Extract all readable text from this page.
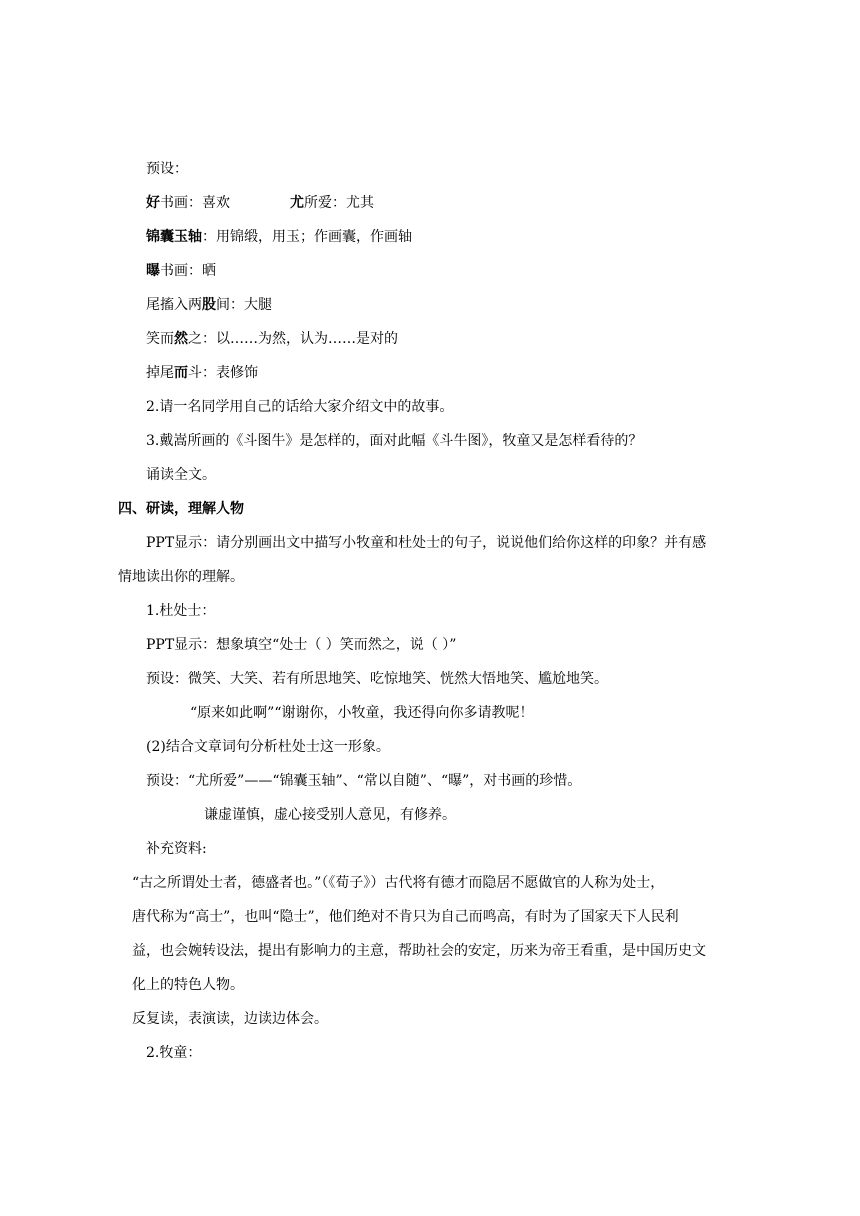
预设：
好书画：喜欢	尤所爱：尤其
锦囊玉轴：用锦缎，用玉；作画囊，作画轴
曝书画：晒
尾搐入两股间：大腿
笑而然之：以……为然，认为……是对的
掉尾而斗：表修饰
2.请一名同学用自己的话给大家介绍文中的故事。
3.戴嵩所画的《斗图牛》是怎样的，面对此幅《斗牛图》，牧童又是怎样看待的？
诵读全文。
四、研读，理解人物
PPT显示：请分别画出文中描写小牧童和杜处士的句子，说说他们给你这样的印象？并有感
情地读出你的理解。
1.杜处士：
PPT显示：想象填空“处士（ ）笑而然之，说（ ）”
预设：微笑、大笑、若有所思地笑、吃惊地笑、恍然大悟地笑、尴尬地笑。
“原来如此啊”“谢谢你，小牧童，我还得向你多请教呢！
(2)结合文章词句分析杜处士这一形象。
预设：“尤所爱”——“锦囊玉轴”、“常以自随”、“曝”，对书画的珍惜。
谦虚谨慎，虚心接受别人意见，有修养。
补充资料:
“古之所谓处士者，德盛者也。”（《荀子》）古代将有德才而隐居不愿做官的人称为处士，
唐代称为“高士”，也叫“隐士”，他们绝对不肯只为自己而鸣高，有时为了国家天下人民利
益，也会婉转设法，提出有影响力的主意，帮助社会的安定，历来为帝王看重，是中国历史文
化上的特色人物。
反复读，表演读，边读边体会。
2.牧童：
